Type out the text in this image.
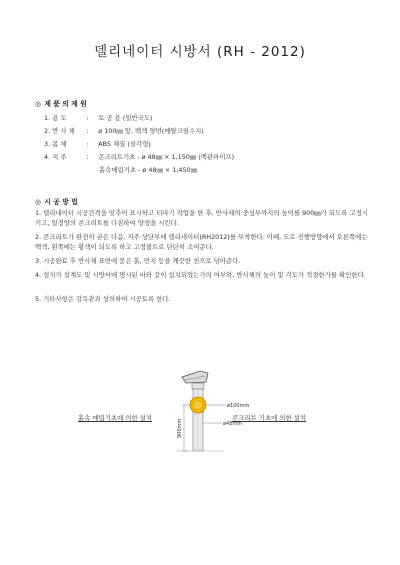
델리네이터 시방서 (RH - 2012)
◎ 제 품 의 제 원
1. 용 도	: 토 공 용 (일반국도)
2. 반 사 체 : ø 100㎜ 앞, 백색 양면(메탈크릴수지)
3. 몸 체	: ABS 재질 (삼각형)
4. 지 주	: 콘크리트기초 - ø 48㎜ × 1,150㎜ (백관파이프)
흙속매립기초 - ø 48㎜ × 1,450㎜
◎ 시 공 방 법
1. 델리네이터 시공간격을 맞추어 표시하고 터파기 작업을 한 후, 반사체의 중심부까지의 높이를 900㎜가 되도록 고정시키고, 일정양의 콘크리트를 다짐하여 양생을 시킨다.
2. 콘크리트가 완전히 굳은 다음, 지주 상단부에 델리네이터(RH2012)를 부착한다. 이때, 도로 진행방향에서 오른쪽에는 백색, 왼쪽에는 황색이 되도록 하고 고정볼트로 단단히 조여준다.
3. 시공완료 후 반사체 표면에 묻은 흙, 먼지 등을 깨끗한 천으로 닦아준다.
4. 설치가 설계도 및 시방서에 명시된 바와 같이 설치되었는가의 여부와, 반사체의 높이 및 각도가 적절한가를 확인한다.
5. 기타사항은 감독관과 상의하여 시공토록 한다.
ø100mm
ø48mm
900mm
흙속 매립기초에 의한 설치	콘크리트 기초에 의한 설치
